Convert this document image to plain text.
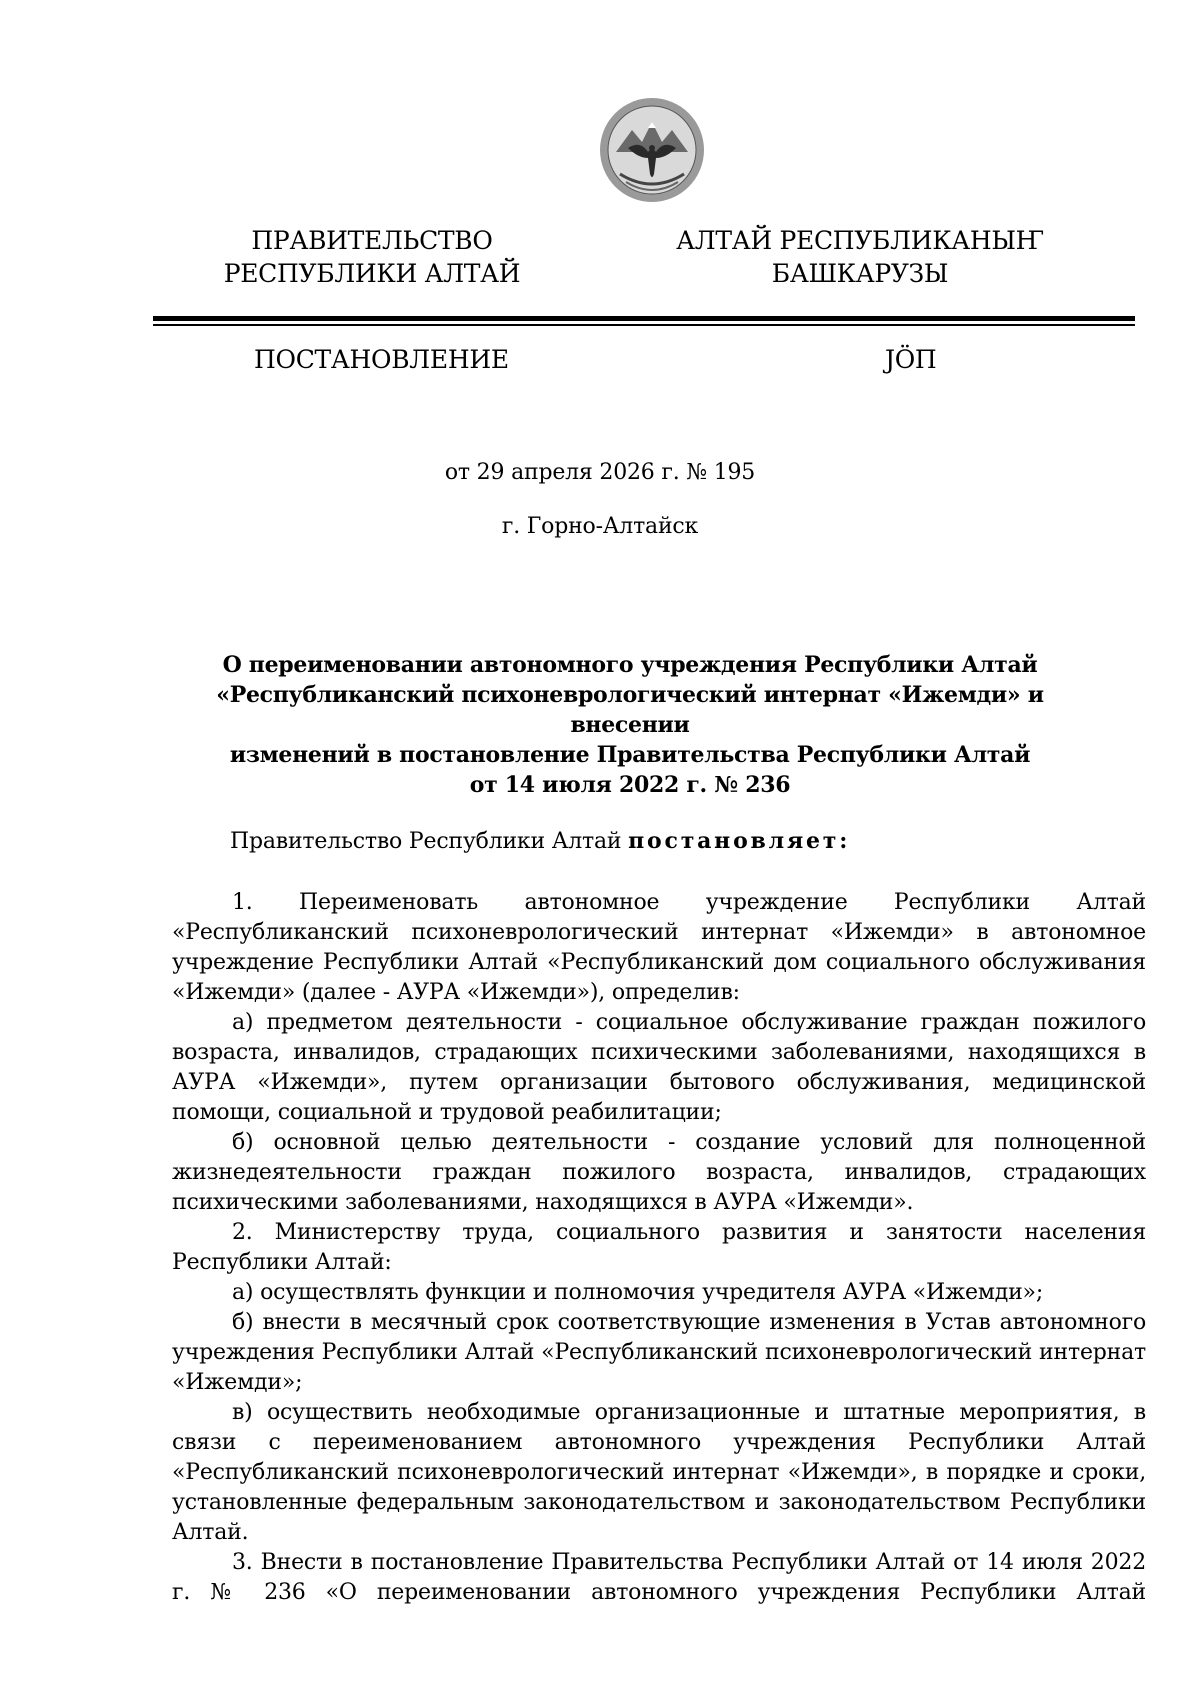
ПРАВИТЕЛЬСТВО
РЕСПУБЛИКИ АЛТАЙ
АЛТАЙ РЕСПУБЛИКАНЫҤ
БАШКАРУЗЫ
ПОСТАНОВЛЕНИЕ	JÖП
от 29 апреля 2026 г. № 195
г. Горно-Алтайск
О переименовании автономного учреждения Республики Алтай
«Республиканский психоневрологический интернат «Ижемди» и внесении
изменений в постановление Правительства Республики Алтай
от 14 июля 2022 г. № 236
Правительство Республики Алтай постановляет:

1. Переименовать автономное учреждение Республики Алтай «Республиканский психоневрологический интернат «Ижемди» в автономное учреждение Республики Алтай «Республиканский дом социального обслуживания «Ижемди» (далее - АУРА «Ижемди»), определив:

а) предметом деятельности - социальное обслуживание граждан пожилого возраста, инвалидов, страдающих психическими заболеваниями, находящихся в АУРА «Ижемди», путем организации бытового обслуживания, медицинской помощи, социальной и трудовой реабилитации;

б) основной целью деятельности - создание условий для полноценной жизнедеятельности граждан пожилого возраста, инвалидов, страдающих психическими заболеваниями, находящихся в АУРА «Ижемди».

2. Министерству труда, социального развития и занятости населения Республики Алтай:

а) осуществлять функции и полномочия учредителя АУРА «Ижемди»;

б) внести в месячный срок соответствующие изменения в Устав автономного учреждения Республики Алтай «Республиканский психоневрологический интернат «Ижемди»;

в) осуществить необходимые организационные и штатные мероприятия, в связи с переименованием автономного учреждения Республики Алтай «Республиканский психоневрологический интернат «Ижемди», в порядке и сроки, установленные федеральным законодательством и законодательством Республики Алтай.

3. Внести в постановление Правительства Республики Алтай от 14 июля 2022 г. № 236 «О переименовании автономного учреждения Республики Алтай
